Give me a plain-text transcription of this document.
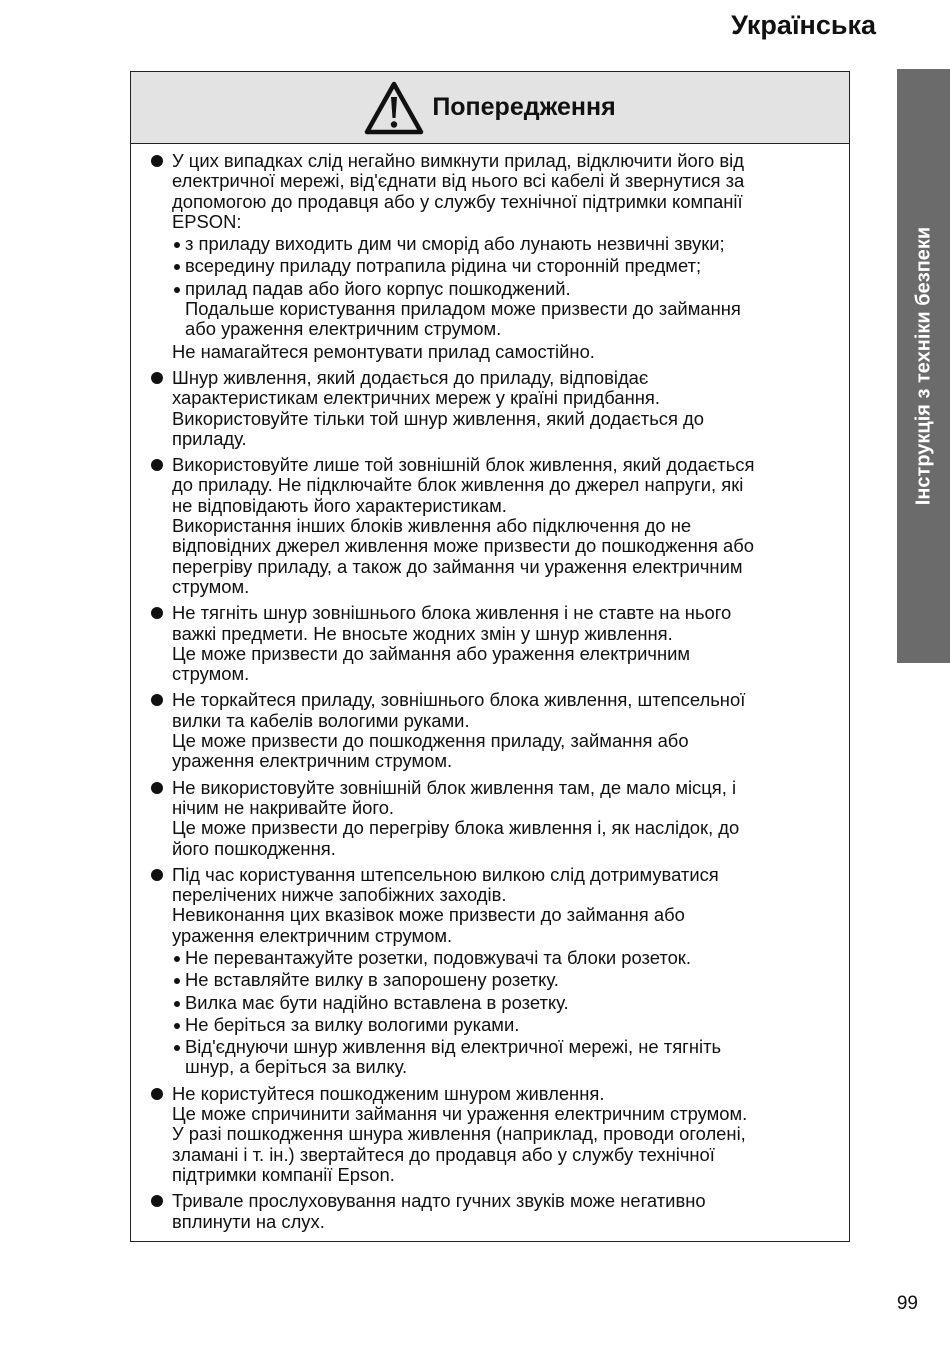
Українська
Інструкція з техніки безпеки
Попередження
У цих випадках слід негайно вимкнути прилад, відключити його від
електричної мережі, від'єднати від нього всі кабелі й звернутися за
допомогою до продавця або у службу технічної підтримки компанії
EPSON:
з приладу виходить дим чи сморід або лунають незвичні звуки;
всередину приладу потрапила рідина чи сторонній предмет;
прилад падав або його корпус пошкоджений.
Подальше користування приладом може призвести до займання
або ураження електричним струмом.
Не намагайтеся ремонтувати прилад самостійно.
Шнур живлення, який додається до приладу, відповідає
характеристикам електричних мереж у країні придбання.
Використовуйте тільки той шнур живлення, який додається до
приладу.
Використовуйте лише той зовнішній блок живлення, який додається
до приладу. Не підключайте блок живлення до джерел напруги, які
не відповідають його характеристикам.
Використання інших блоків живлення або підключення до не
відповідних джерел живлення може призвести до пошкодження або
перегріву приладу, а також до займання чи ураження електричним
струмом.
Не тягніть шнур зовнішнього блока живлення і не ставте на нього
важкі предмети. Не вносьте жодних змін у шнур живлення.
Це може призвести до займання або ураження електричним
струмом.
Не торкайтеся приладу, зовнішнього блока живлення, штепсельної
вилки та кабелів вологими руками.
Це може призвести до пошкодження приладу, займання або
ураження електричним струмом.
Не використовуйте зовнішній блок живлення там, де мало місця, і
нічим не накривайте його.
Це може призвести до перегріву блока живлення і, як наслідок, до
його пошкодження.
Під час користування штепсельною вилкою слід дотримуватися
перелічених нижче запобіжних заходів.
Невиконання цих вказівок може призвести до займання або
ураження електричним струмом.
Не перевантажуйте розетки, подовжувачі та блоки розеток.
Не вставляйте вилку в запорошену розетку.
Вилка має бути надійно вставлена в розетку.
Не беріться за вилку вологими руками.
Від'єднуючи шнур живлення від електричної мережі, не тягніть
шнур, а беріться за вилку.
Не користуйтеся пошкодженим шнуром живлення.
Це може спричинити займання чи ураження електричним струмом.
У разі пошкодження шнура живлення (наприклад, проводи оголені,
зламані і т. ін.) звертайтеся до продавця або у службу технічної
підтримки компанії Epson.
Тривале прослуховування надто гучних звуків може негативно
вплинути на слух.
99
